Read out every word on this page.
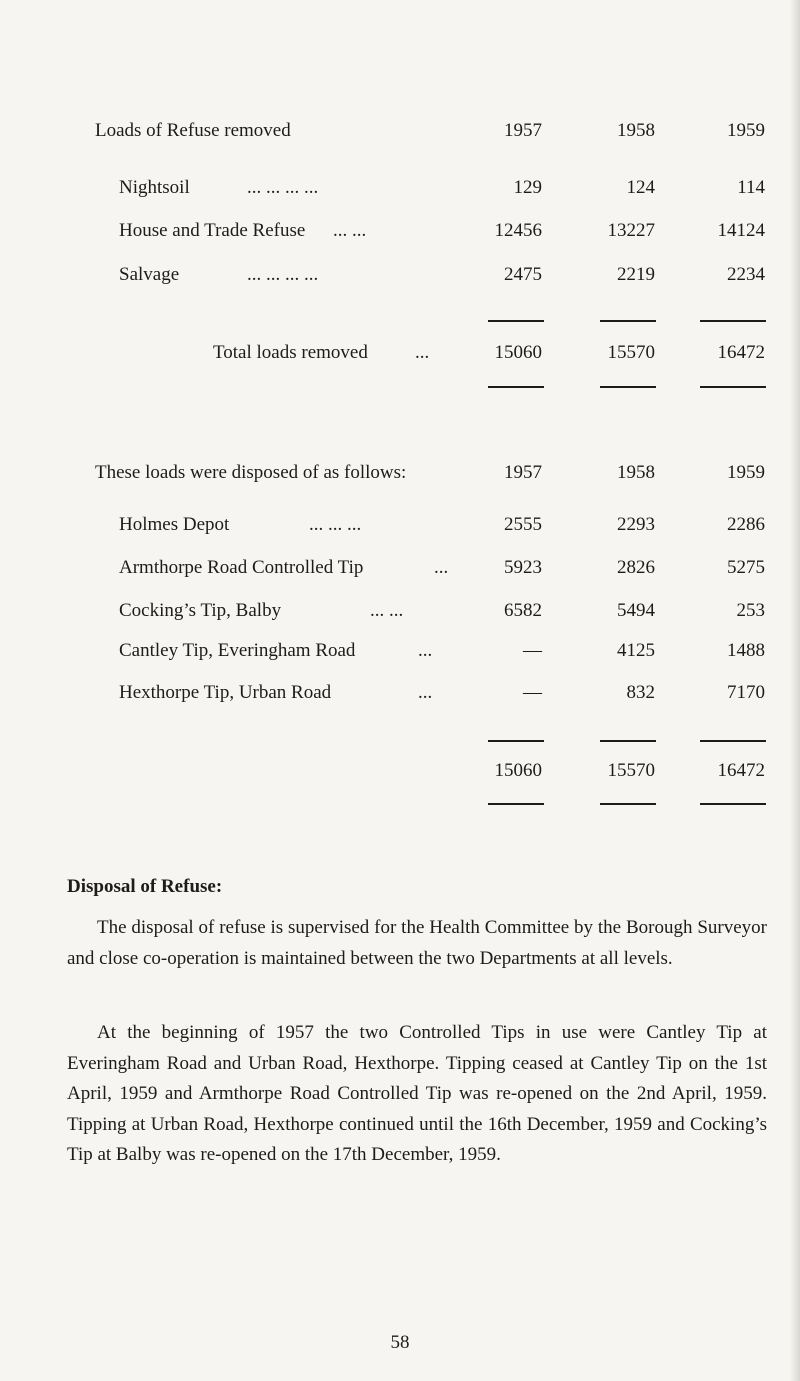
Loads of Refuse removed	1957	1958	1959
Nightsoil	... ... ... ...	129	124	114
House and Trade Refuse ... ...	12456	13227	14124
Salvage	... ... ... ...	2475	2219	2234
Total loads removed ...	15060	15570	16472
These loads were disposed of as follows:	1957	1958	1959
Holmes Depot	... ... ...	2555	2293	2286
Armthorpe Road Controlled Tip	...	5923	2826	5275
Cocking’s Tip, Balby	... ...	6582	5494	253
Cantley Tip, Everingham Road	...	—	4125	1488
Hexthorpe Tip, Urban Road	...	—	832	7170
15060	15570	16472
Disposal of Refuse:

The disposal of refuse is supervised for the Health Committee by the Borough Surveyor and close co-operation is maintained between the two Departments at all levels.

At the beginning of 1957 the two Controlled Tips in use were Cantley Tip at Everingham Road and Urban Road, Hexthorpe. Tipping ceased at Cantley Tip on the 1st April, 1959 and Armthorpe Road Controlled Tip was re-opened on the 2nd April, 1959. Tipping at Urban Road, Hexthorpe continued until the 16th December, 1959 and Cocking’s Tip at Balby was re-opened on the 17th December, 1959.

58
